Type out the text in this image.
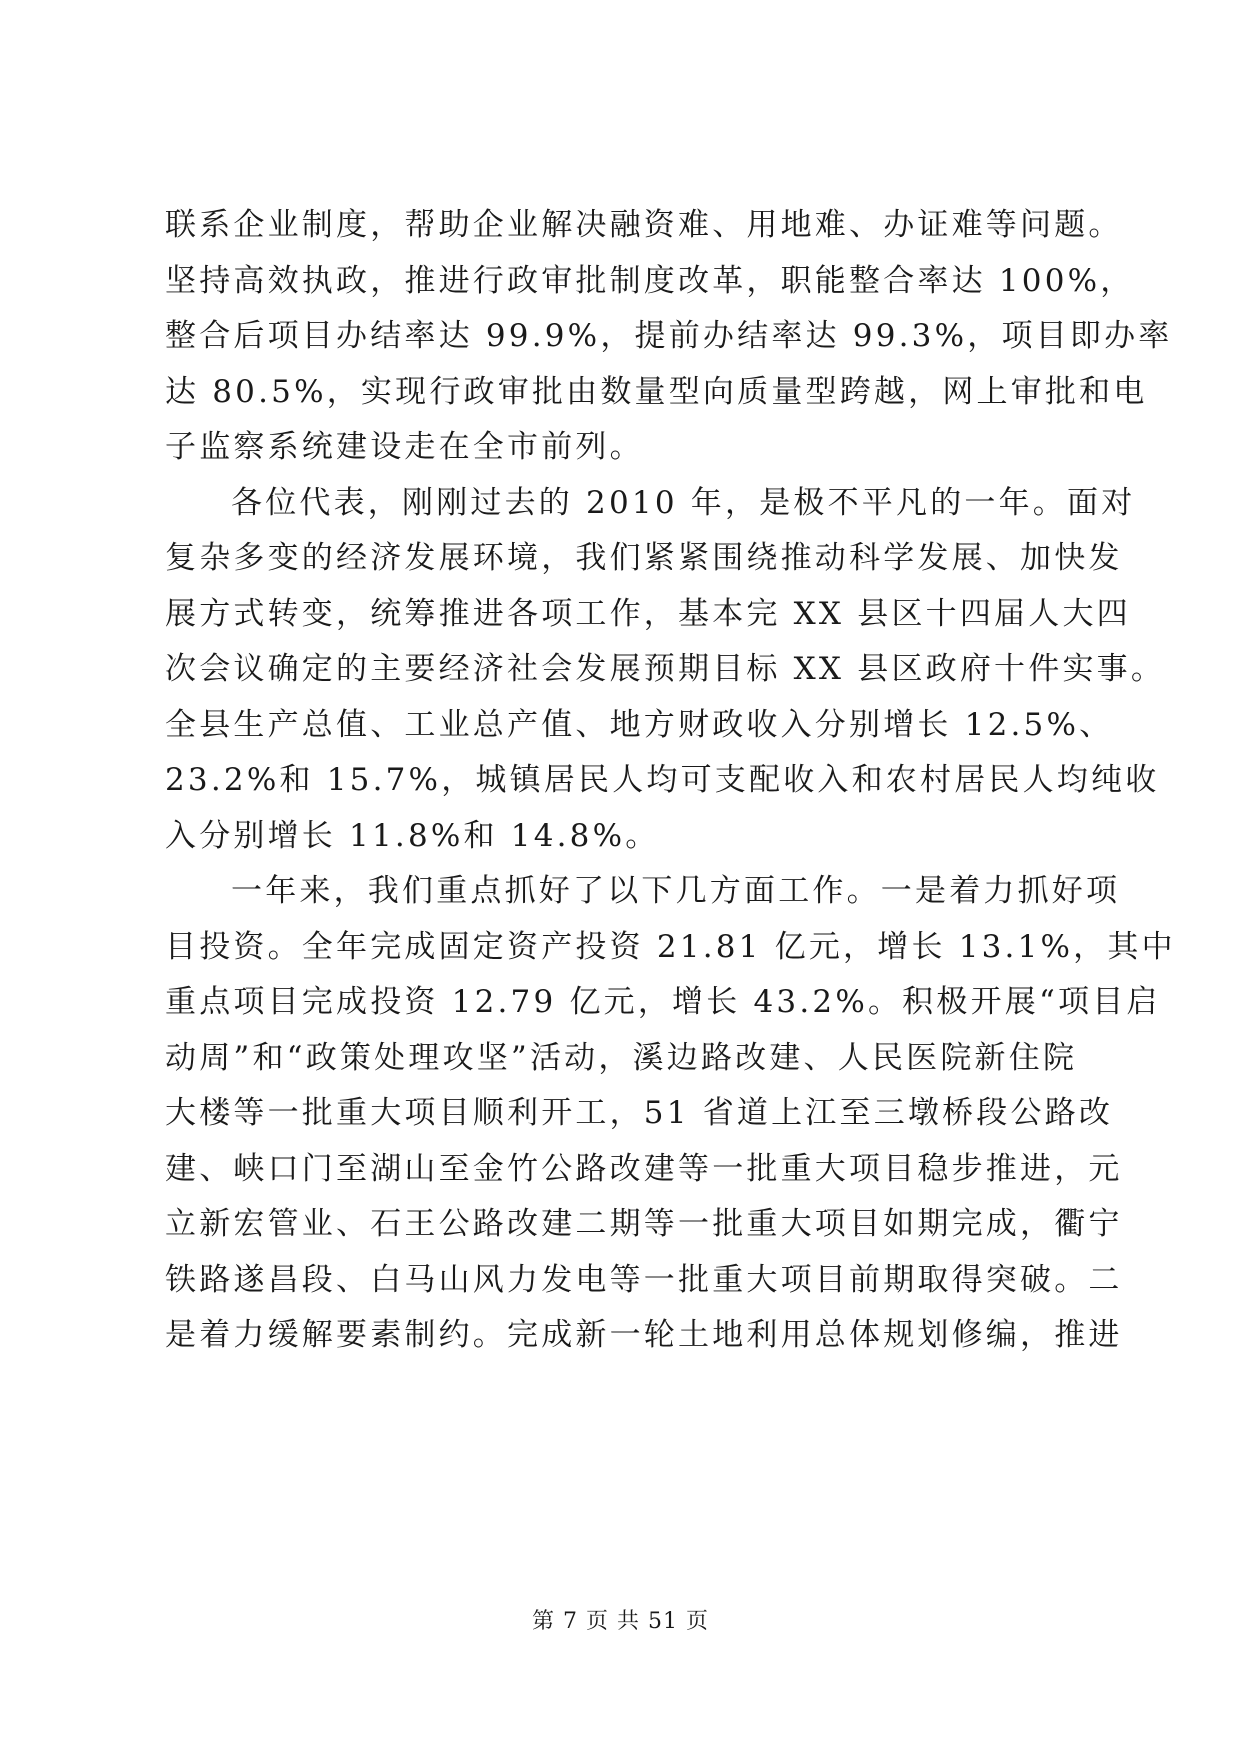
联系企业制度，帮助企业解决融资难、用地难、办证难等问题。
坚持高效执政，推进行政审批制度改革，职能整合率达 100%，
整合后项目办结率达 99.9%，提前办结率达 99.3%，项目即办率
达 80.5%，实现行政审批由数量型向质量型跨越，网上审批和电
子监察系统建设走在全市前列。
各位代表，刚刚过去的 2010 年，是极不平凡的一年。面对
复杂多变的经济发展环境，我们紧紧围绕推动科学发展、加快发
展方式转变，统筹推进各项工作，基本完 XX 县区十四届人大四
次会议确定的主要经济社会发展预期目标 XX 县区政府十件实事。
全县生产总值、工业总产值、地方财政收入分别增长 12.5%、
23.2%和 15.7%，城镇居民人均可支配收入和农村居民人均纯收
入分别增长 11.8%和 14.8%。
一年来，我们重点抓好了以下几方面工作。一是着力抓好项
目投资。全年完成固定资产投资 21.81 亿元，增长 13.1%，其中
重点项目完成投资 12.79 亿元，增长 43.2%。积极开展“项目启
动周”和“政策处理攻坚”活动，溪边路改建、人民医院新住院
大楼等一批重大项目顺利开工，51 省道上江至三墩桥段公路改
建、峡口门至湖山至金竹公路改建等一批重大项目稳步推进，元
立新宏管业、石王公路改建二期等一批重大项目如期完成，衢宁
铁路遂昌段、白马山风力发电等一批重大项目前期取得突破。二
是着力缓解要素制约。完成新一轮土地利用总体规划修编，推进
第 7 页 共 51 页
